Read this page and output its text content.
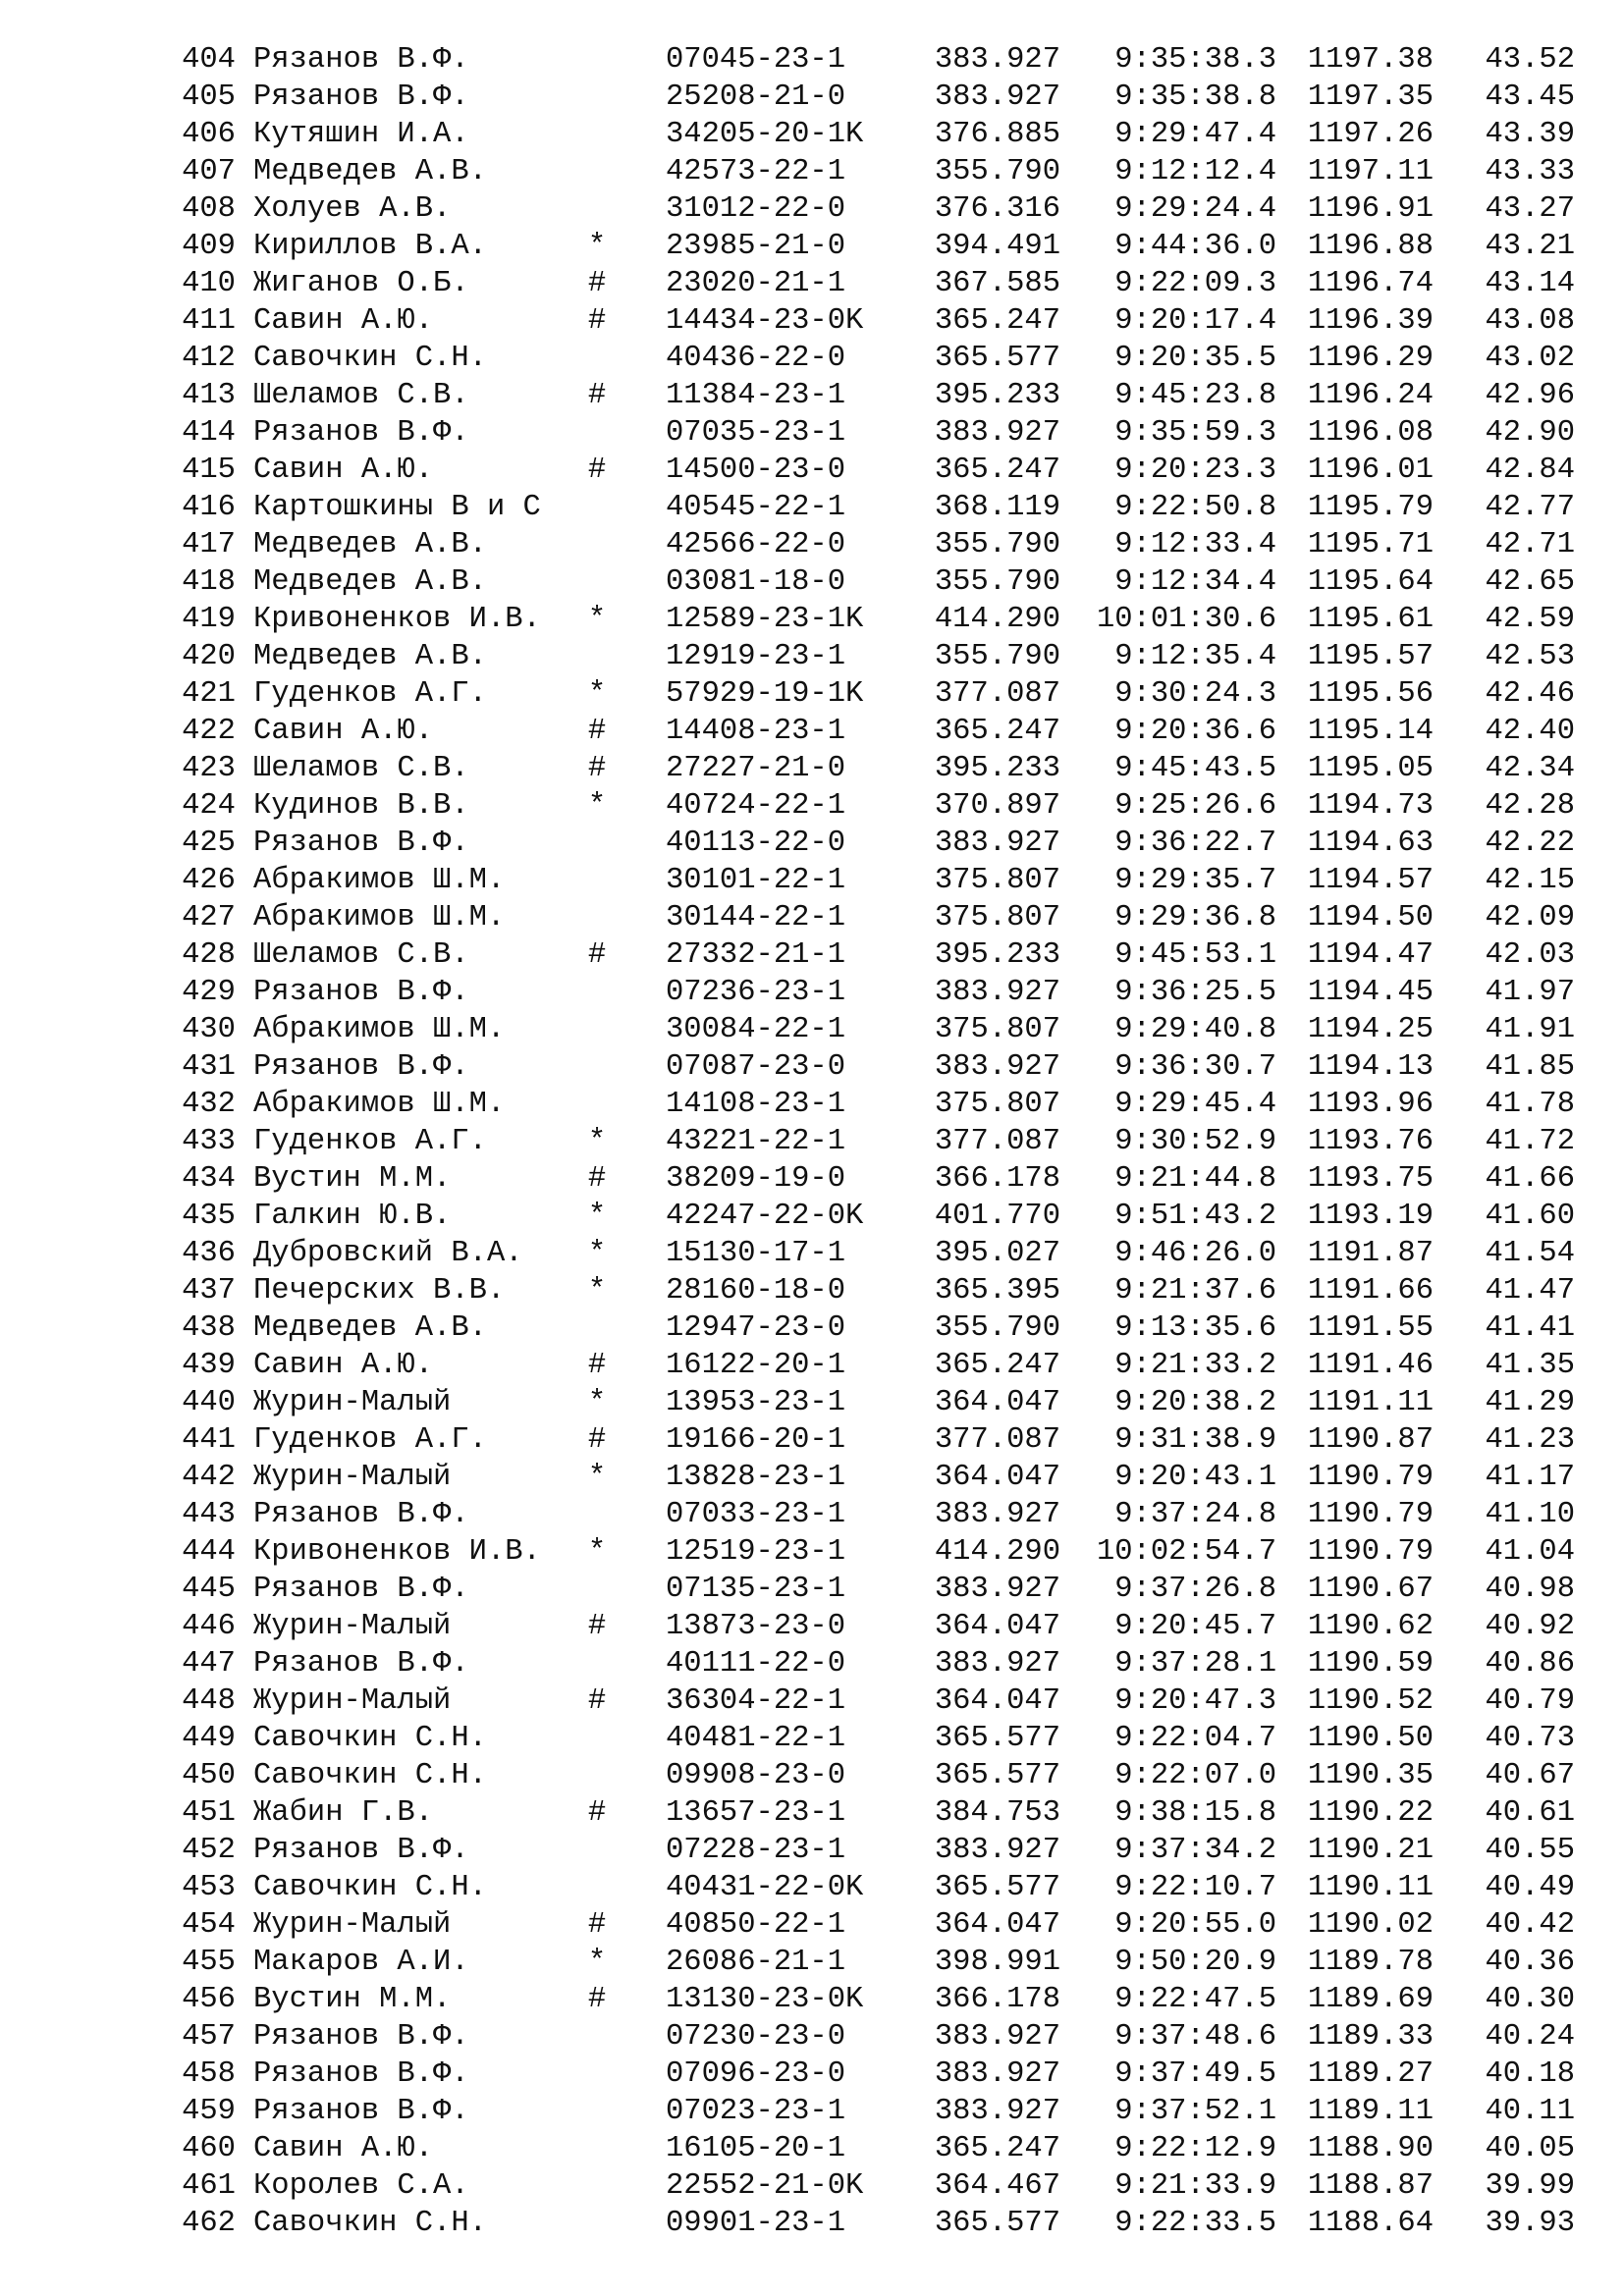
404 Рязанов В.Ф.	07045-23-1	383.927	9:35:38.3	1197.38	43.52
405 Рязанов В.Ф.	25208-21-0	383.927	9:35:38.8	1197.35	43.45
406 Кутяшин И.А.	34205-20-1K	376.885	9:29:47.4	1197.26	43.39
407 Медведев А.В.	42573-22-1	355.790	9:12:12.4	1197.11	43.33
408 Холуев А.В.	31012-22-0	376.316	9:29:24.4	1196.91	43.27
409 Кириллов В.А.	* 23985-21-0	394.491	9:44:36.0	1196.88	43.21
410 Жиганов О.Б.	# 23020-21-1	367.585	9:22:09.3	1196.74	43.14
411 Савин А.Ю.	# 14434-23-0K	365.247	9:20:17.4	1196.39	43.08
412 Савочкин С.Н.	40436-22-0	365.577	9:20:35.5	1196.29	43.02
413 Шеламов С.В.	# 11384-23-1	395.233	9:45:23.8	1196.24	42.96
414 Рязанов В.Ф.	07035-23-1	383.927	9:35:59.3	1196.08	42.90
415 Савин А.Ю.	# 14500-23-0	365.247	9:20:23.3	1196.01	42.84
416 Картошкины В и С	40545-22-1	368.119	9:22:50.8	1195.79	42.77
417 Медведев А.В.	42566-22-0	355.790	9:12:33.4	1195.71	42.71
418 Медведев А.В.	03081-18-0	355.790	9:12:34.4	1195.64	42.65
419 Кривоненков И.В. * 12589-23-1K	414.290	10:01:30.6	1195.61	42.59
420 Медведев А.В.	12919-23-1	355.790	9:12:35.4	1195.57	42.53
421 Гуденков А.Г.	* 57929-19-1K	377.087	9:30:24.3	1195.56	42.46
422 Савин А.Ю.	# 14408-23-1	365.247	9:20:36.6	1195.14	42.40
423 Шеламов С.В.	# 27227-21-0	395.233	9:45:43.5	1195.05	42.34
424 Кудинов В.В.	* 40724-22-1	370.897	9:25:26.6	1194.73	42.28
425 Рязанов В.Ф.	40113-22-0	383.927	9:36:22.7	1194.63	42.22
426 Абракимов Ш.М.	30101-22-1	375.807	9:29:35.7	1194.57	42.15
427 Абракимов Ш.М.	30144-22-1	375.807	9:29:36.8	1194.50	42.09
428 Шеламов С.В.	# 27332-21-1	395.233	9:45:53.1	1194.47	42.03
429 Рязанов В.Ф.	07236-23-1	383.927	9:36:25.5	1194.45	41.97
430 Абракимов Ш.М.	30084-22-1	375.807	9:29:40.8	1194.25	41.91
431 Рязанов В.Ф.	07087-23-0	383.927	9:36:30.7	1194.13	41.85
432 Абракимов Ш.М.	14108-23-1	375.807	9:29:45.4	1193.96	41.78
433 Гуденков А.Г.	* 43221-22-1	377.087	9:30:52.9	1193.76	41.72
434 Вустин М.М.	# 38209-19-0	366.178	9:21:44.8	1193.75	41.66
435 Галкин Ю.В.	* 42247-22-0K	401.770	9:51:43.2	1193.19	41.60
436 Дубровский В.А. * 15130-17-1	395.027	9:46:26.0	1191.87	41.54
437 Печерских В.В.	* 28160-18-0	365.395	9:21:37.6	1191.66	41.47
438 Медведев А.В.	12947-23-0	355.790	9:13:35.6	1191.55	41.41
439 Савин А.Ю.	# 16122-20-1	365.247	9:21:33.2	1191.46	41.35
440 Журин-Малый	* 13953-23-1	364.047	9:20:38.2	1191.11	41.29
441 Гуденков А.Г.	# 19166-20-1	377.087	9:31:38.9	1190.87	41.23
442 Журин-Малый	* 13828-23-1	364.047	9:20:43.1	1190.79	41.17
443 Рязанов В.Ф.	07033-23-1	383.927	9:37:24.8	1190.79	41.10
444 Кривоненков И.В. * 12519-23-1	414.290	10:02:54.7	1190.79	41.04
445 Рязанов В.Ф.	07135-23-1	383.927	9:37:26.8	1190.67	40.98
446 Журин-Малый	# 13873-23-0	364.047	9:20:45.7	1190.62	40.92
447 Рязанов В.Ф.	40111-22-0	383.927	9:37:28.1	1190.59	40.86
448 Журин-Малый	# 36304-22-1	364.047	9:20:47.3	1190.52	40.79
449 Савочкин С.Н.	40481-22-1	365.577	9:22:04.7	1190.50	40.73
450 Савочкин С.Н.	09908-23-0	365.577	9:22:07.0	1190.35	40.67
451 Жабин Г.В.	# 13657-23-1	384.753	9:38:15.8	1190.22	40.61
452 Рязанов В.Ф.	07228-23-1	383.927	9:37:34.2	1190.21	40.55
453 Савочкин С.Н.	40431-22-0K	365.577	9:22:10.7	1190.11	40.49
454 Журин-Малый	# 40850-22-1	364.047	9:20:55.0	1190.02	40.42
455 Макаров А.И.	* 26086-21-1	398.991	9:50:20.9	1189.78	40.36
456 Вустин М.М.	# 13130-23-0K	366.178	9:22:47.5	1189.69	40.30
457 Рязанов В.Ф.	07230-23-0	383.927	9:37:48.6	1189.33	40.24
458 Рязанов В.Ф.	07096-23-0	383.927	9:37:49.5	1189.27	40.18
459 Рязанов В.Ф.	07023-23-1	383.927	9:37:52.1	1189.11	40.11
460 Савин А.Ю.	16105-20-1	365.247	9:22:12.9	1188.90	40.05
461 Королев С.А.	22552-21-0K	364.467	9:21:33.9	1188.87	39.99
462 Савочкин С.Н.	09901-23-1	365.577	9:22:33.5	1188.64	39.93
